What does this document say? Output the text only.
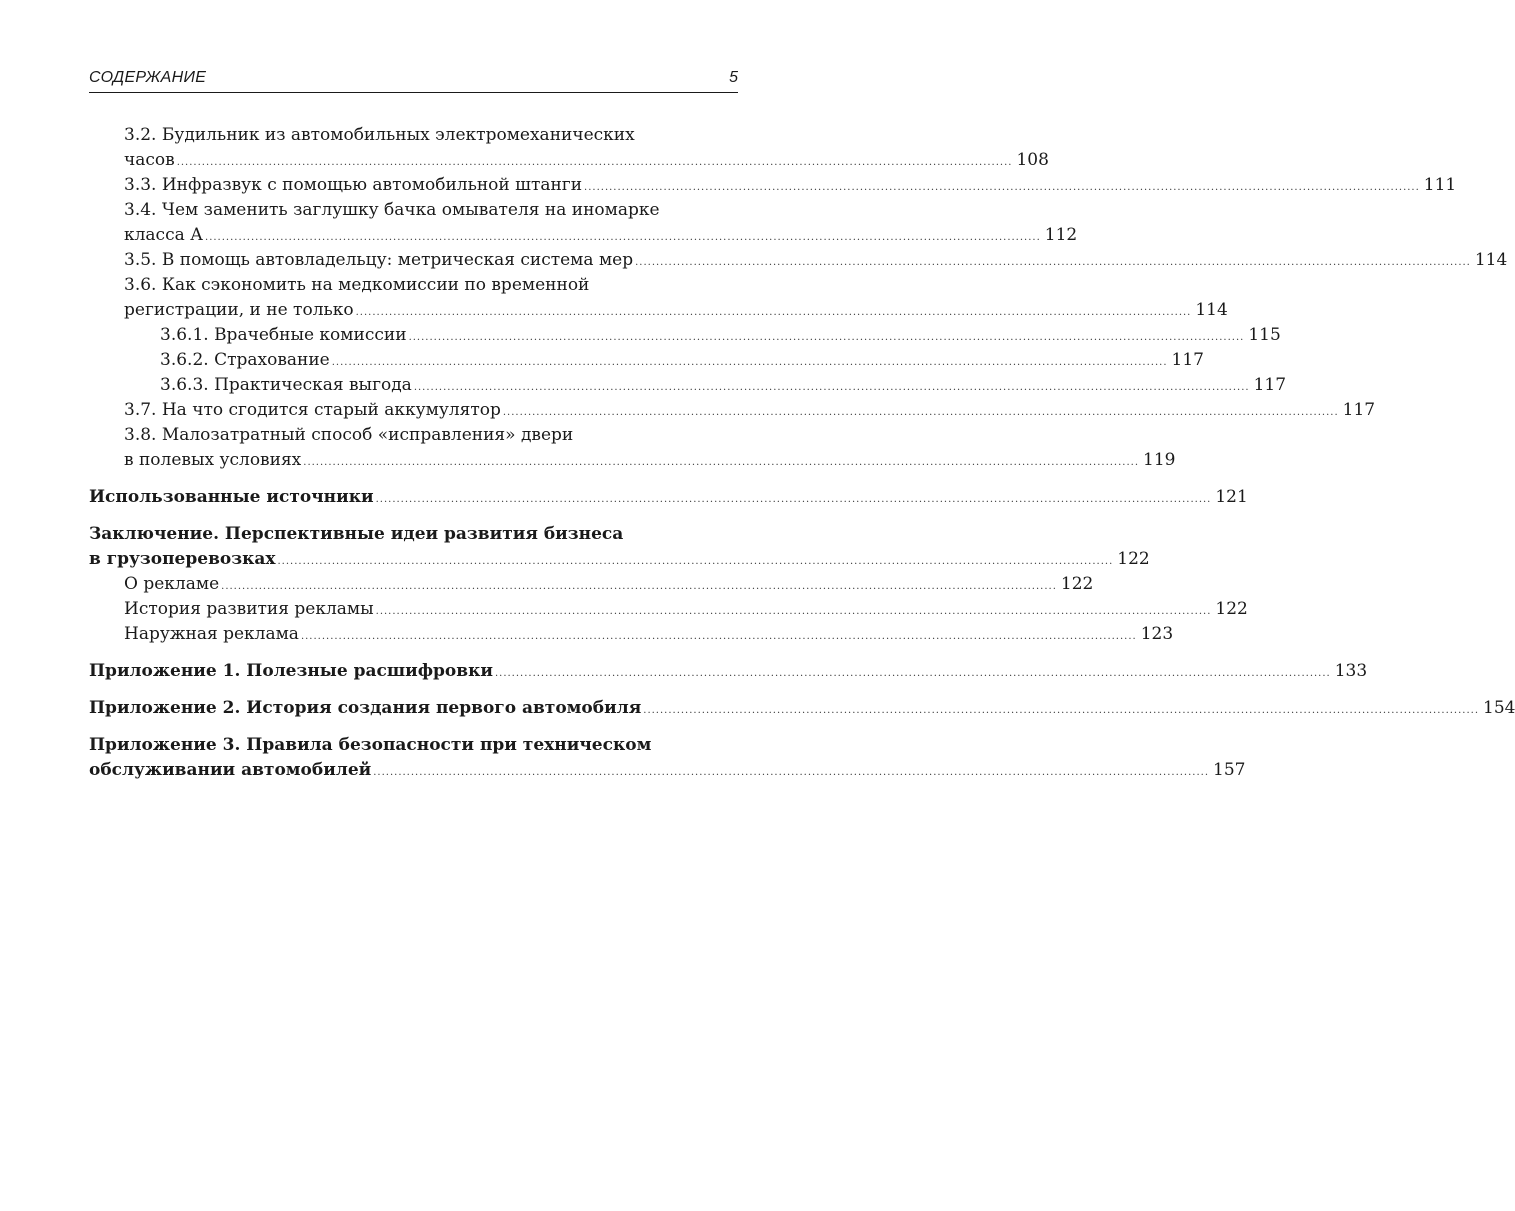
СОДЕРЖАНИЕ	5
3.2. Будильник из автомобильных электромеханических
часов ........................................................................................................................................................................................................ 108
3.3. Инфразвук с помощью автомобильной штанги ........................................................................................................................................................................................................ 111
3.4. Чем заменить заглушку бачка омывателя на иномарке
класса А ........................................................................................................................................................................................................ 112
3.5. В помощь автовладельцу: метрическая система мер ........................................................................................................................................................................................................ 114
3.6. Как сэкономить на медкомиссии по временной
регистрации, и не только ........................................................................................................................................................................................................ 114
3.6.1. Врачебные комиссии ........................................................................................................................................................................................................ 115
3.6.2. Страхование ........................................................................................................................................................................................................ 117
3.6.3. Практическая выгода ........................................................................................................................................................................................................ 117
3.7. На что сгодится старый аккумулятор ........................................................................................................................................................................................................ 117
3.8. Малозатратный способ «исправления» двери
в полевых условиях ........................................................................................................................................................................................................ 119
Использованные источники ........................................................................................................................................................................................................ 121
Заключение. Перспективные идеи развития бизнеса
в грузоперевозках ........................................................................................................................................................................................................ 122
О рекламе ........................................................................................................................................................................................................ 122
История развития рекламы ........................................................................................................................................................................................................ 122
Наружная реклама ........................................................................................................................................................................................................ 123
Приложение 1. Полезные расшифровки ........................................................................................................................................................................................................ 133
Приложение 2. История создания первого автомобиля ........................................................................................................................................................................................................ 154
Приложение 3. Правила безопасности при техническом
обслуживании автомобилей ........................................................................................................................................................................................................ 157
